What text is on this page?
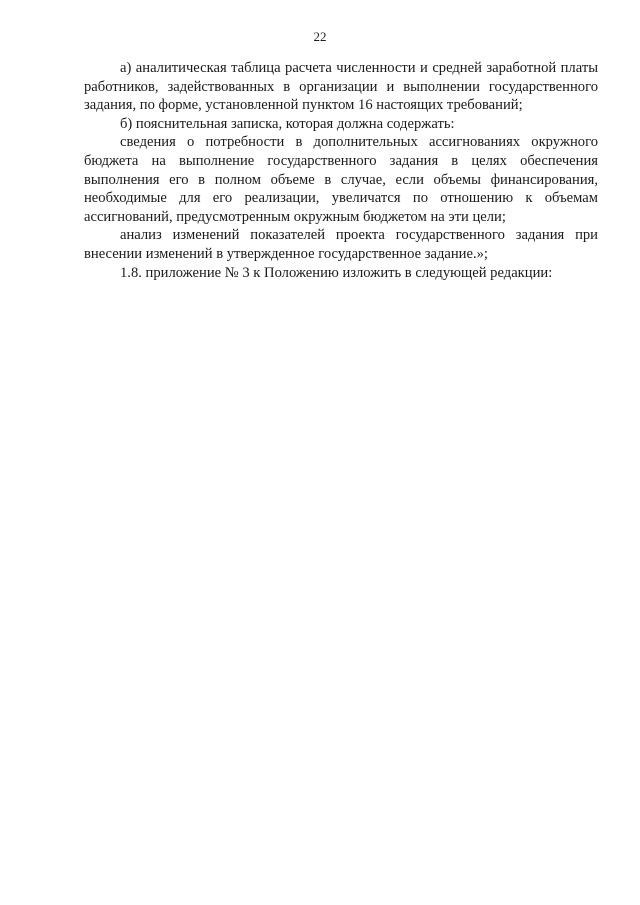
22

а) аналитическая таблица расчета численности и средней заработной платы работников, задействованных в организации и выполнении государственного задания, по форме, установленной пунктом 16 настоящих требований;

б) пояснительная записка, которая должна содержать:

сведения о потребности в дополнительных ассигнованиях окружного бюджета на выполнение государственного задания в целях обеспечения выполнения его в полном объеме в случае, если объемы финансирования, необходимые для его реализации, увеличатся по отношению к объемам ассигнований, предусмотренным окружным бюджетом на эти цели;

анализ изменений показателей проекта государственного задания при внесении изменений в утвержденное государственное задание.»;

1.8. приложение № 3 к Положению изложить в следующей редакции:
